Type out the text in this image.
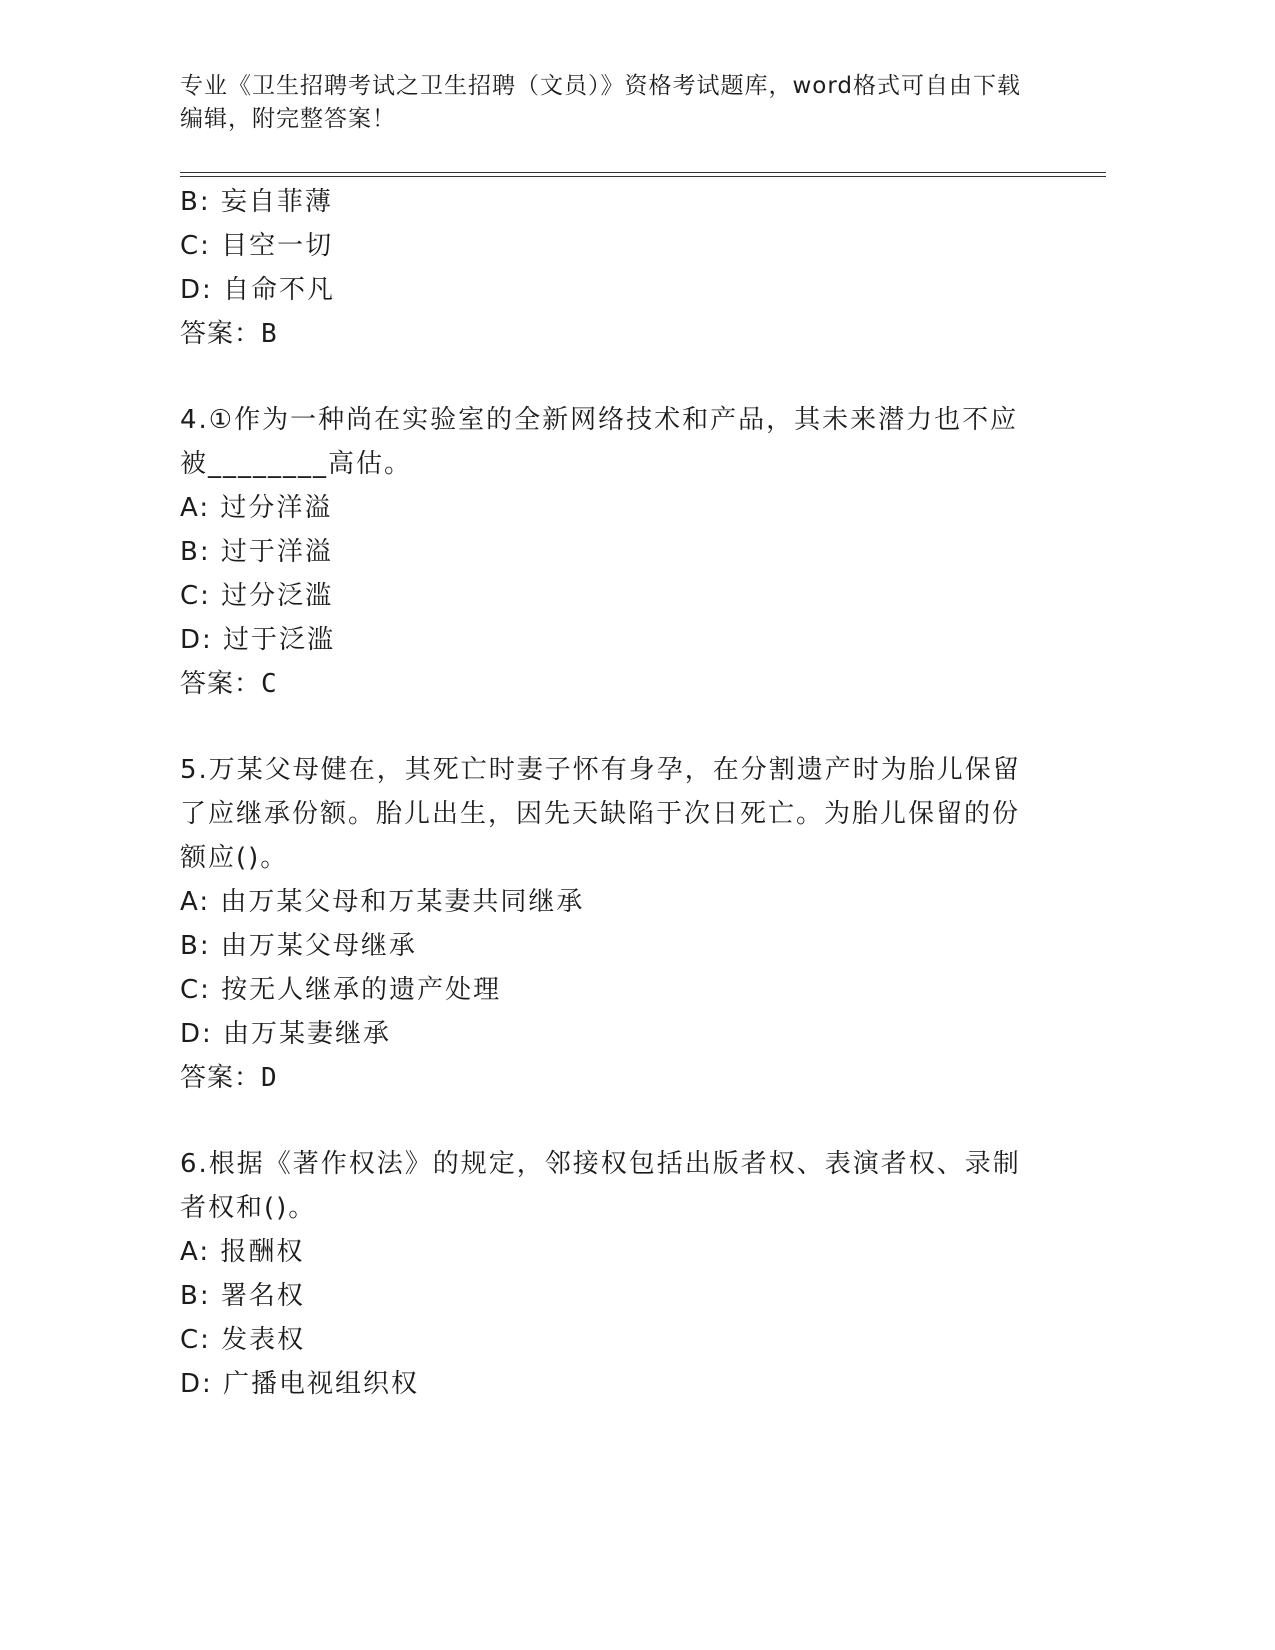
专业《卫生招聘考试之卫生招聘（文员）》资格考试题库，word格式可自由下载
编辑，附完整答案！
B: 妄自菲薄
C: 目空一切
D: 自命不凡
答案：B
4.①作为一种尚在实验室的全新网络技术和产品，其未来潜力也不应
被________高估。
A: 过分洋溢
B: 过于洋溢
C: 过分泛滥
D: 过于泛滥
答案：C
5.万某父母健在，其死亡时妻子怀有身孕，在分割遗产时为胎儿保留
了应继承份额。胎儿出生，因先天缺陷于次日死亡。为胎儿保留的份
额应()。
A: 由万某父母和万某妻共同继承
B: 由万某父母继承
C: 按无人继承的遗产处理
D: 由万某妻继承
答案：D
6.根据《著作权法》的规定，邻接权包括出版者权、表演者权、录制
者权和()。
A: 报酬权
B: 署名权
C: 发表权
D: 广播电视组织权
